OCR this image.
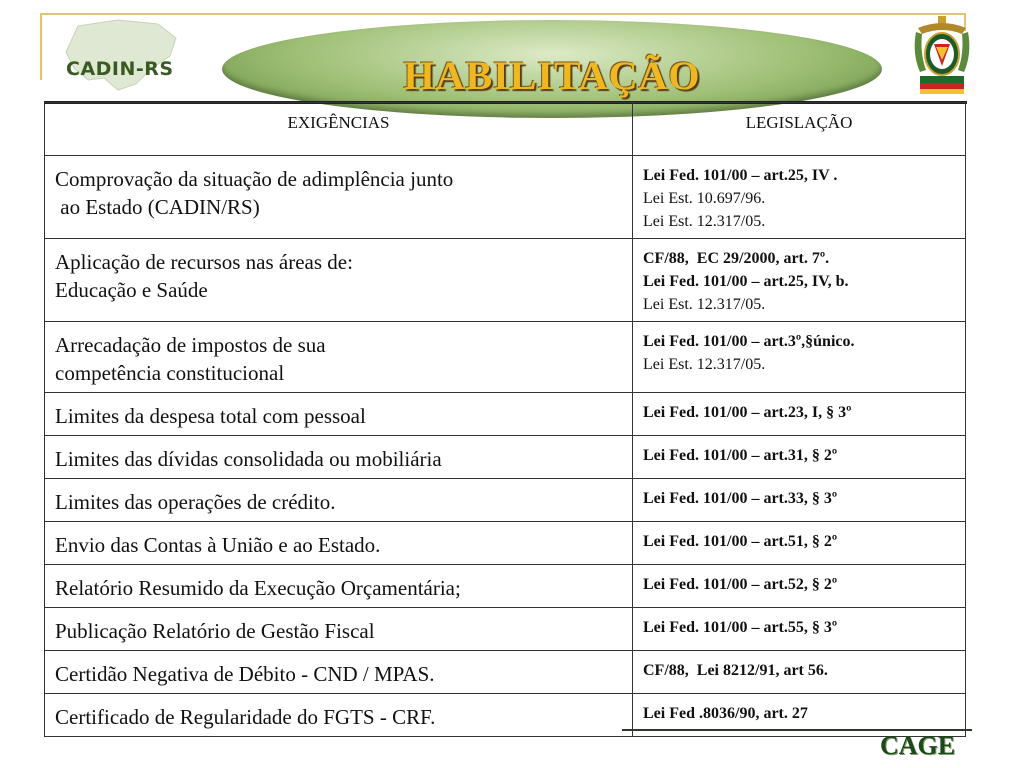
CADIN-RS	HABILITAÇÃO
EXIGÊNCIAS	LEGISLAÇÃO

Comprovação da situação de adimplência junto
ao Estado (CADIN/RS)	Lei Fed. 101/00 – art.25, IV .
Lei Est. 10.697/96.
Lei Est. 12.317/05.

Aplicação de recursos nas áreas de:
Educação e Saúde	CF/88,  EC 29/2000, art. 7º.
Lei Fed. 101/00 – art.25, IV, b.
Lei Est. 12.317/05.

Arrecadação de impostos de sua
competência constitucional	Lei Fed. 101/00 – art.3º,§único.
Lei Est. 12.317/05.

Limites da despesa total com pessoal	Lei Fed. 101/00 – art.23, I, § 3º

Limites das dívidas consolidada ou mobiliária	Lei Fed. 101/00 – art.31, § 2º

Limites das operações de crédito.	Lei Fed. 101/00 – art.33, § 3º

Envio das Contas à União e ao Estado.	Lei Fed. 101/00 – art.51, § 2º

Relatório Resumido da Execução Orçamentária;	Lei Fed. 101/00 – art.52, § 2º

Publicação Relatório de Gestão Fiscal	Lei Fed. 101/00 – art.55, § 3º

Certidão Negativa de Débito - CND / MPAS.	CF/88,  Lei 8212/91, art 56.

Certificado de Regularidade do FGTS - CRF.	Lei Fed .8036/90, art. 27
CAGE
